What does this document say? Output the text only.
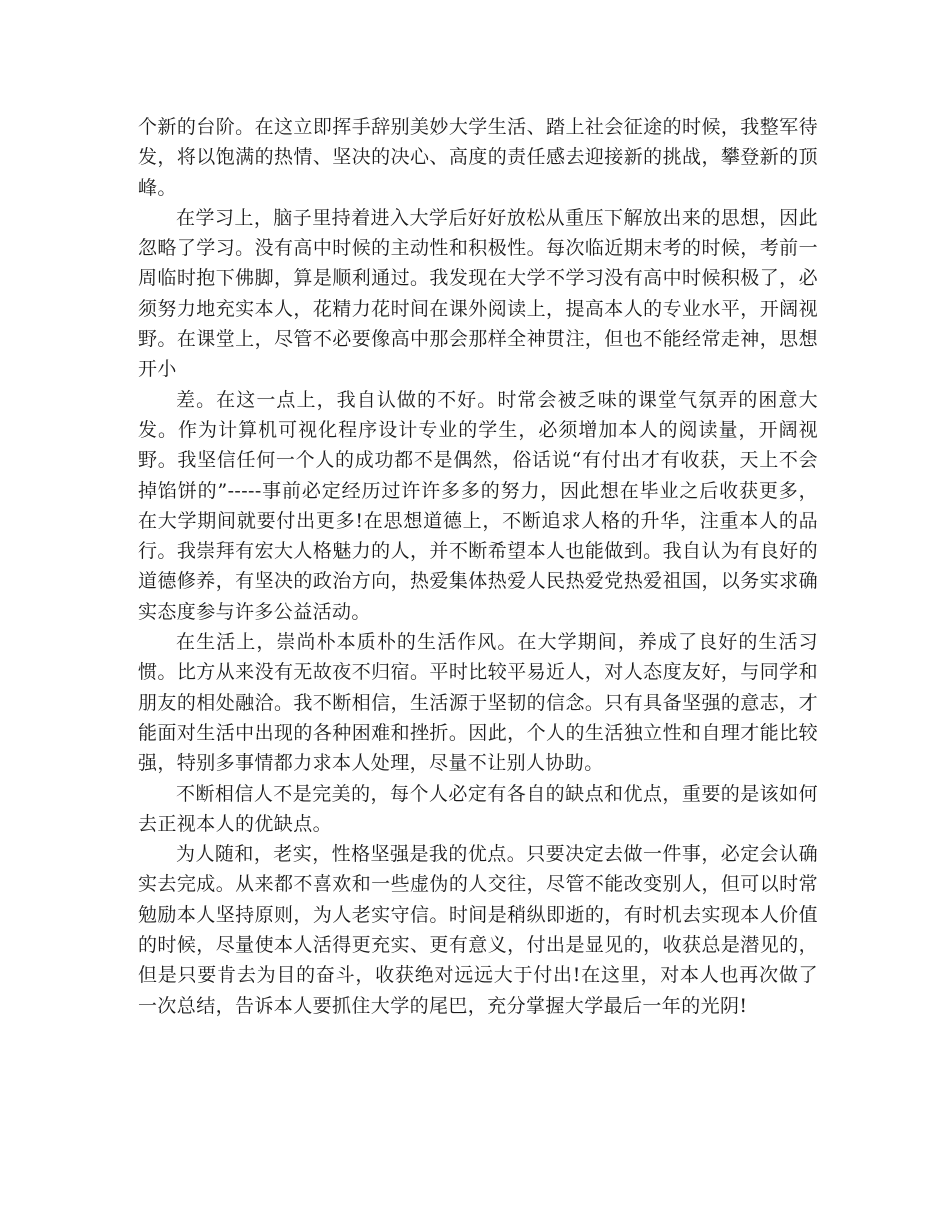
个新的台阶。在这立即挥手辞别美妙大学生活、踏上社会征途的时候，我整军待发，将以饱满的热情、坚决的决心、高度的责任感去迎接新的挑战，攀登新的顶峰。

在学习上，脑子里持着进入大学后好好放松从重压下解放出来的思想，因此忽略了学习。没有高中时候的主动性和积极性。每次临近期末考的时候，考前一周临时抱下佛脚，算是顺利通过。我发现在大学不学习没有高中时候积极了，必须努力地充实本人，花精力花时间在课外阅读上，提高本人的专业水平，开阔视野。在课堂上，尽管不必要像高中那会那样全神贯注，但也不能经常走神，思想开小

差。在这一点上，我自认做的不好。时常会被乏味的课堂气氛弄的困意大发。作为计算机可视化程序设计专业的学生，必须增加本人的阅读量，开阔视野。我坚信任何一个人的成功都不是偶然，俗话说“有付出才有收获，天上不会掉馅饼的”-----事前必定经历过许许多多的努力，因此想在毕业之后收获更多，在大学期间就要付出更多!在思想道德上，不断追求人格的升华，注重本人的品行。我崇拜有宏大人格魅力的人，并不断希望本人也能做到。我自认为有良好的道德修养，有坚决的政治方向，热爱集体热爱人民热爱党热爱祖国，以务实求确实态度参与许多公益活动。

在生活上，崇尚朴本质朴的生活作风。在大学期间，养成了良好的生活习惯。比方从来没有无故夜不归宿。平时比较平易近人，对人态度友好，与同学和朋友的相处融洽。我不断相信，生活源于坚韧的信念。只有具备坚强的意志，才能面对生活中出现的各种困难和挫折。因此，个人的生活独立性和自理才能比较强，特别多事情都力求本人处理，尽量不让别人协助。

不断相信人不是完美的，每个人必定有各自的缺点和优点，重要的是该如何去正视本人的优缺点。

为人随和，老实，性格坚强是我的优点。只要决定去做一件事，必定会认确实去完成。从来都不喜欢和一些虚伪的人交往，尽管不能改变别人，但可以时常勉励本人坚持原则，为人老实守信。时间是稍纵即逝的，有时机去实现本人价值的时候，尽量使本人活得更充实、更有意义，付出是显见的，收获总是潜见的，但是只要肯去为目的奋斗，收获绝对远远大于付出!在这里，对本人也再次做了一次总结，告诉本人要抓住大学的尾巴，充分掌握大学最后一年的光阴!
